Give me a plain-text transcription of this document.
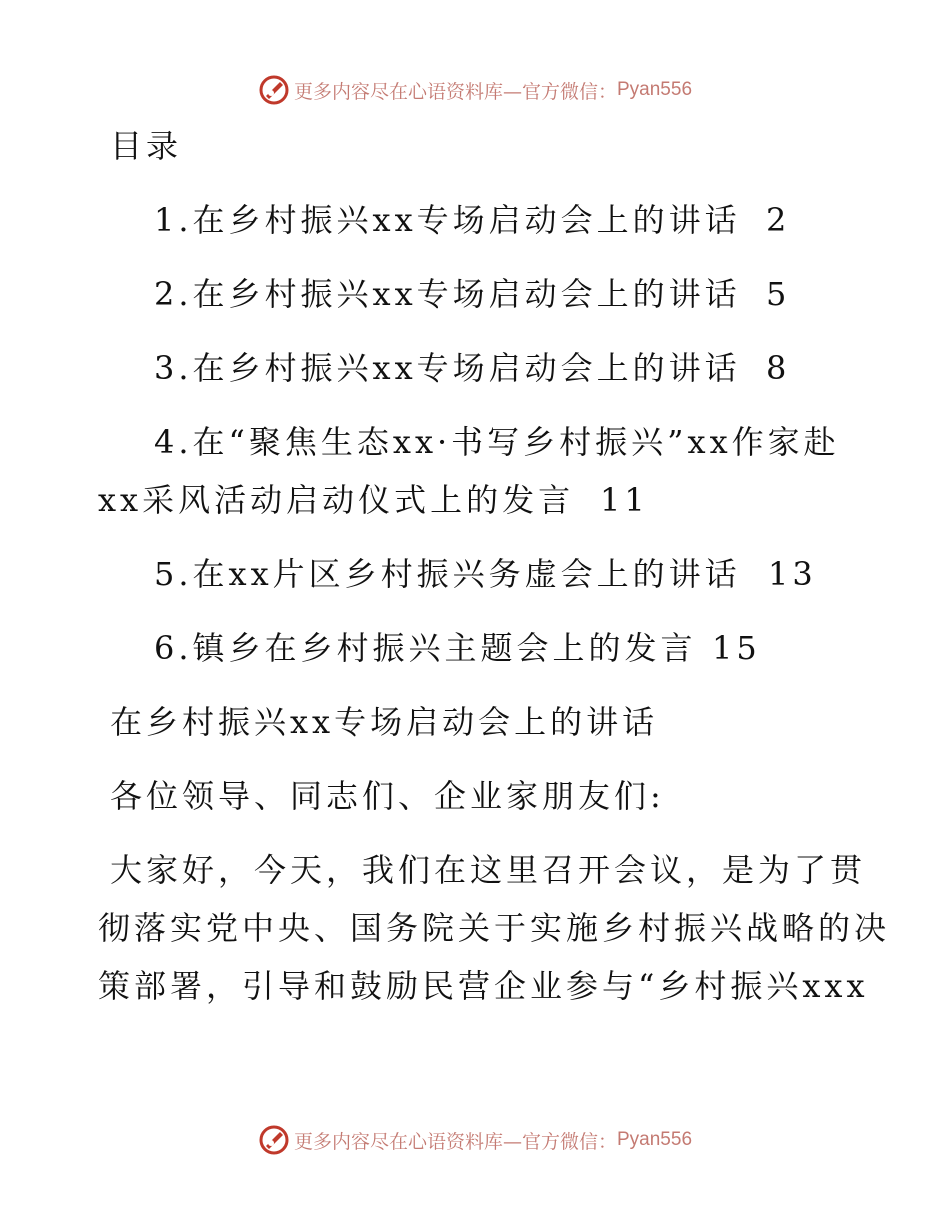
更多内容尽在心语资料库—官方微信： Pyan556
目录
1.在乡村振兴xx专场启动会上的讲话 2
2.在乡村振兴xx专场启动会上的讲话 5
3.在乡村振兴xx专场启动会上的讲话 8
4.在“聚焦生态xx·书写乡村振兴”xx作家赴
xx采风活动启动仪式上的发言 11
5.在xx片区乡村振兴务虚会上的讲话 13
6.镇乡在乡村振兴主题会上的发言 15
在乡村振兴xx专场启动会上的讲话
各位领导、同志们、企业家朋友们:
大家好，今天，我们在这里召开会议，是为了贯
彻落实党中央、国务院关于实施乡村振兴战略的决
策部署，引导和鼓励民营企业参与“乡村振兴xxx
更多内容尽在心语资料库—官方微信： Pyan556
